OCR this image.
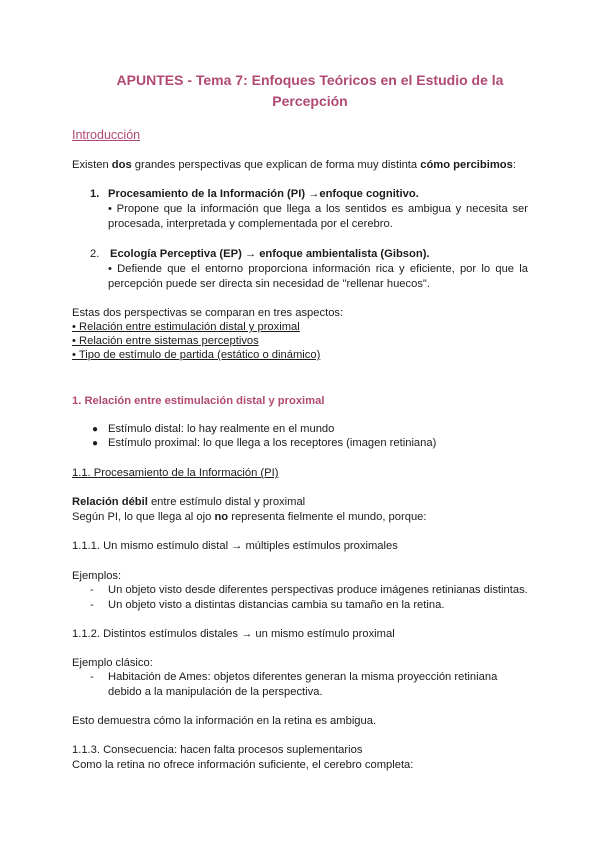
APUNTES - Tema 7: Enfoques Teóricos en el Estudio de la
Percepción
Introducción
Existen dos grandes perspectivas que explican de forma muy distinta cómo percibimos:
1. Procesamiento de la Información (PI) →enfoque cognitivo.
• Propone que la información que llega a los sentidos es ambigua y necesita ser procesada, interpretada y complementada por el cerebro.
2. Ecología Perceptiva (EP) → enfoque ambientalista (Gibson).
• Defiende que el entorno proporciona información rica y eficiente, por lo que la percepción puede ser directa sin necesidad de "rellenar huecos".
Estas dos perspectivas se comparan en tres aspectos:
• Relación entre estimulación distal y proximal
• Relación entre sistemas perceptivos
• Tipo de estímulo de partida (estático o dinámico)
1. Relación entre estimulación distal y proximal
● Estímulo distal: lo hay realmente en el mundo
● Estímulo proximal: lo que llega a los receptores (imagen retiniana)
1.1. Procesamiento de la Información (PI)
Relación débil entre estímulo distal y proximal
Según PI, lo que llega al ojo no representa fielmente el mundo, porque:
1.1.1. Un mismo estímulo distal → múltiples estímulos proximales
Ejemplos:
- Un objeto visto desde diferentes perspectivas produce imágenes retinianas distintas.
- Un objeto visto a distintas distancias cambia su tamaño en la retina.
1.1.2. Distintos estímulos distales → un mismo estímulo proximal
Ejemplo clásico:
- Habitación de Ames: objetos diferentes generan la misma proyección retiniana
debido a la manipulación de la perspectiva.
Esto demuestra cómo la información en la retina es ambigua.
1.1.3. Consecuencia: hacen falta procesos suplementarios
Como la retina no ofrece información suficiente, el cerebro completa:
